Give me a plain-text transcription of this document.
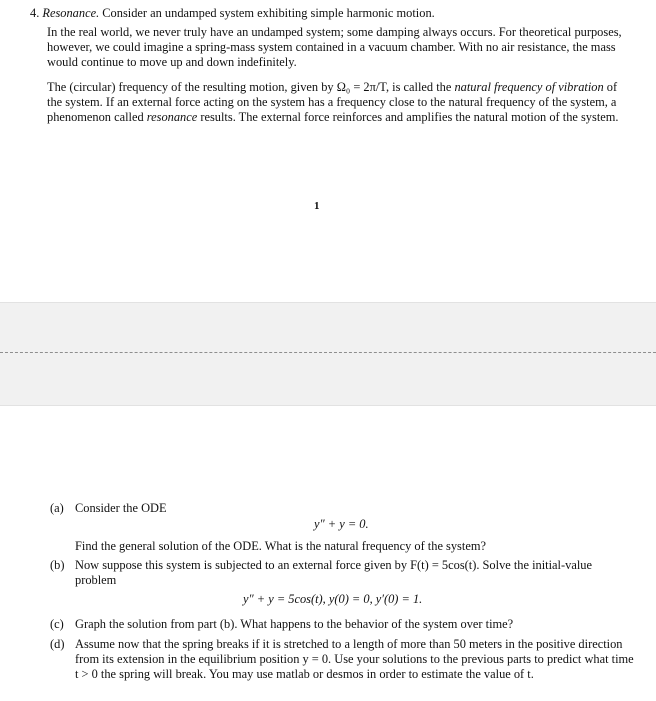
4. Resonance. Consider an undamped system exhibiting simple harmonic motion.

In the real world, we never truly have an undamped system; some damping always occurs. For theoretical purposes, however, we could imagine a spring-mass system contained in a vacuum chamber. With no air resistance, the mass would continue to move up and down indefinitely.

The (circular) frequency of the resulting motion, given by Ω₀ = 2π/T, is called the natural frequency of vibration of the system. If an external force acting on the system has a frequency close to the natural frequency of the system, a phenomenon called resonance results. The external force reinforces and amplifies the natural motion of the system.

1
(a) Consider the ODE
y″ + y = 0.
Find the general solution of the ODE. What is the natural frequency of the system?
(b) Now suppose this system is subjected to an external force given by F(t) = 5cos(t). Solve the initial-value problem
y″ + y = 5cos(t), y(0) = 0, y′(0) = 1.
(c) Graph the solution from part (b). What happens to the behavior of the system over time?
(d) Assume now that the spring breaks if it is stretched to a length of more than 50 meters in the positive direction from its extension in the equilibrium position y = 0. Use your solutions to the previous parts to predict what time t > 0 the spring will break. You may use matlab or desmos in order to estimate the value of t.
